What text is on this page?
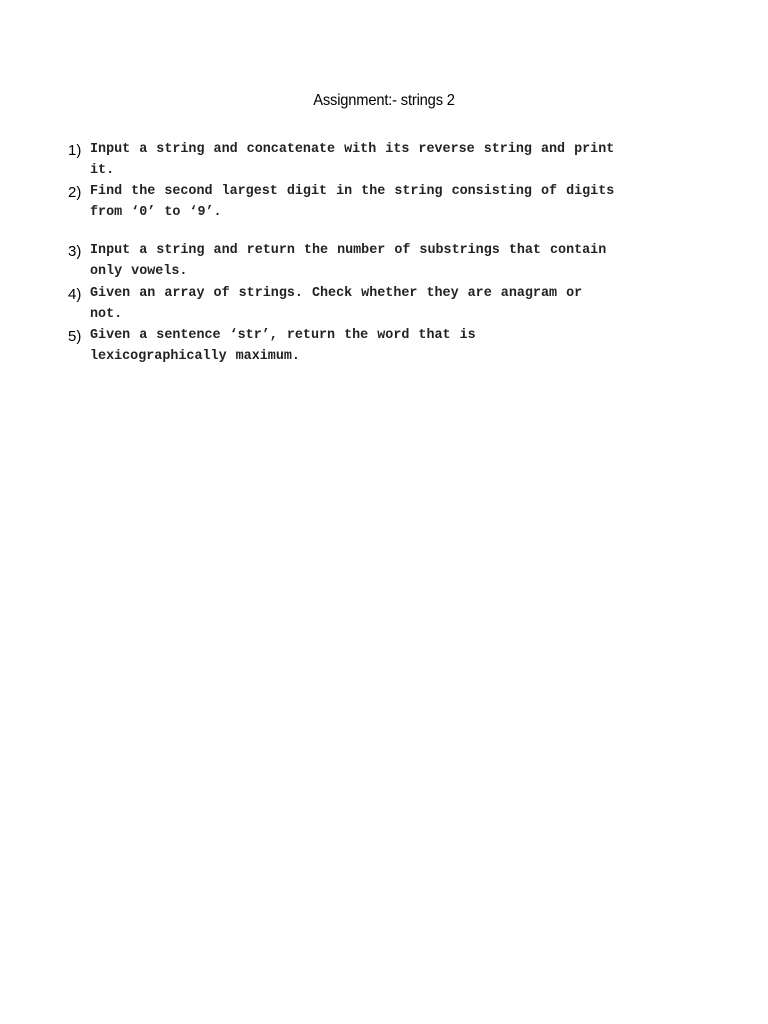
Assignment:- strings 2
1) Input a string and concatenate with its reverse string and print
it.
2) Find the second largest digit in the string consisting of digits
from ‘0’ to ‘9’.
3) Input a string and return the number of substrings that contain
only vowels.
4) Given an array of strings. Check whether they are anagram or
not.
5) Given a sentence ‘str’, return the word that is
lexicographically maximum.
